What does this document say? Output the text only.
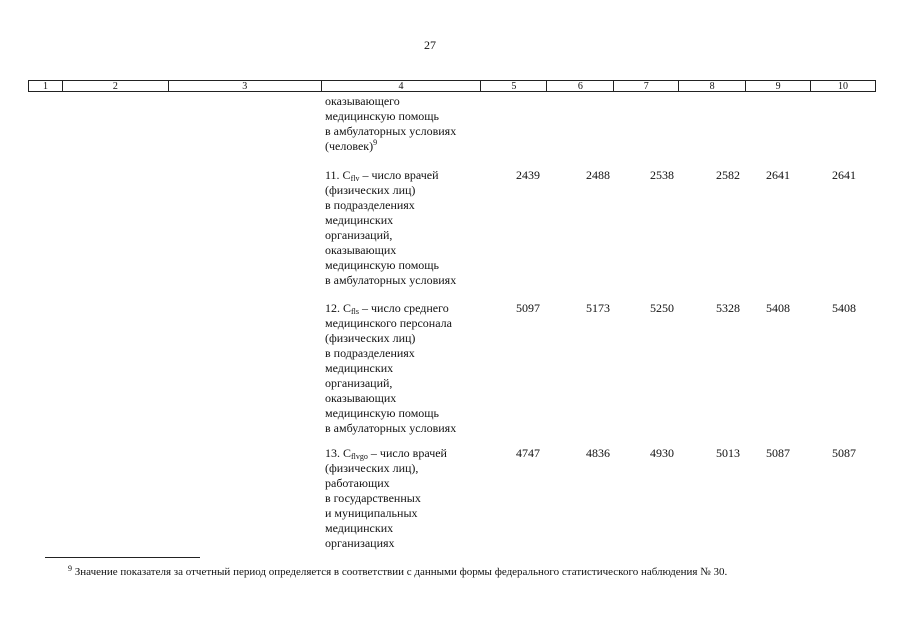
27
1	2	3	4	5	6	7	8	9	10
оказывающего
медицинскую помощь
в амбулаторных условиях
(человек)$^9$
11. $C_{flv}$ – число врачей
(физических лиц)
в подразделениях
медицинских
организаций,
оказывающих
медицинскую помощь
в амбулаторных условиях
2439	2488	2538	2582	2641	2641
12. $C_{fls}$ – число среднего
медицинского персонала
(физических лиц)
в подразделениях
медицинских
организаций,
оказывающих
медицинскую помощь
в амбулаторных условиях
5097	5173	5250	5328	5408	5408
13. $C_{flvgo}$ – число врачей
(физических лиц),
работающих
в государственных
и муниципальных
медицинских
организациях
4747	4836	4930	5013	5087	5087
$^9$ Значение показателя за отчетный период определяется в соответствии с данными формы федерального статистического наблюдения № 30.
